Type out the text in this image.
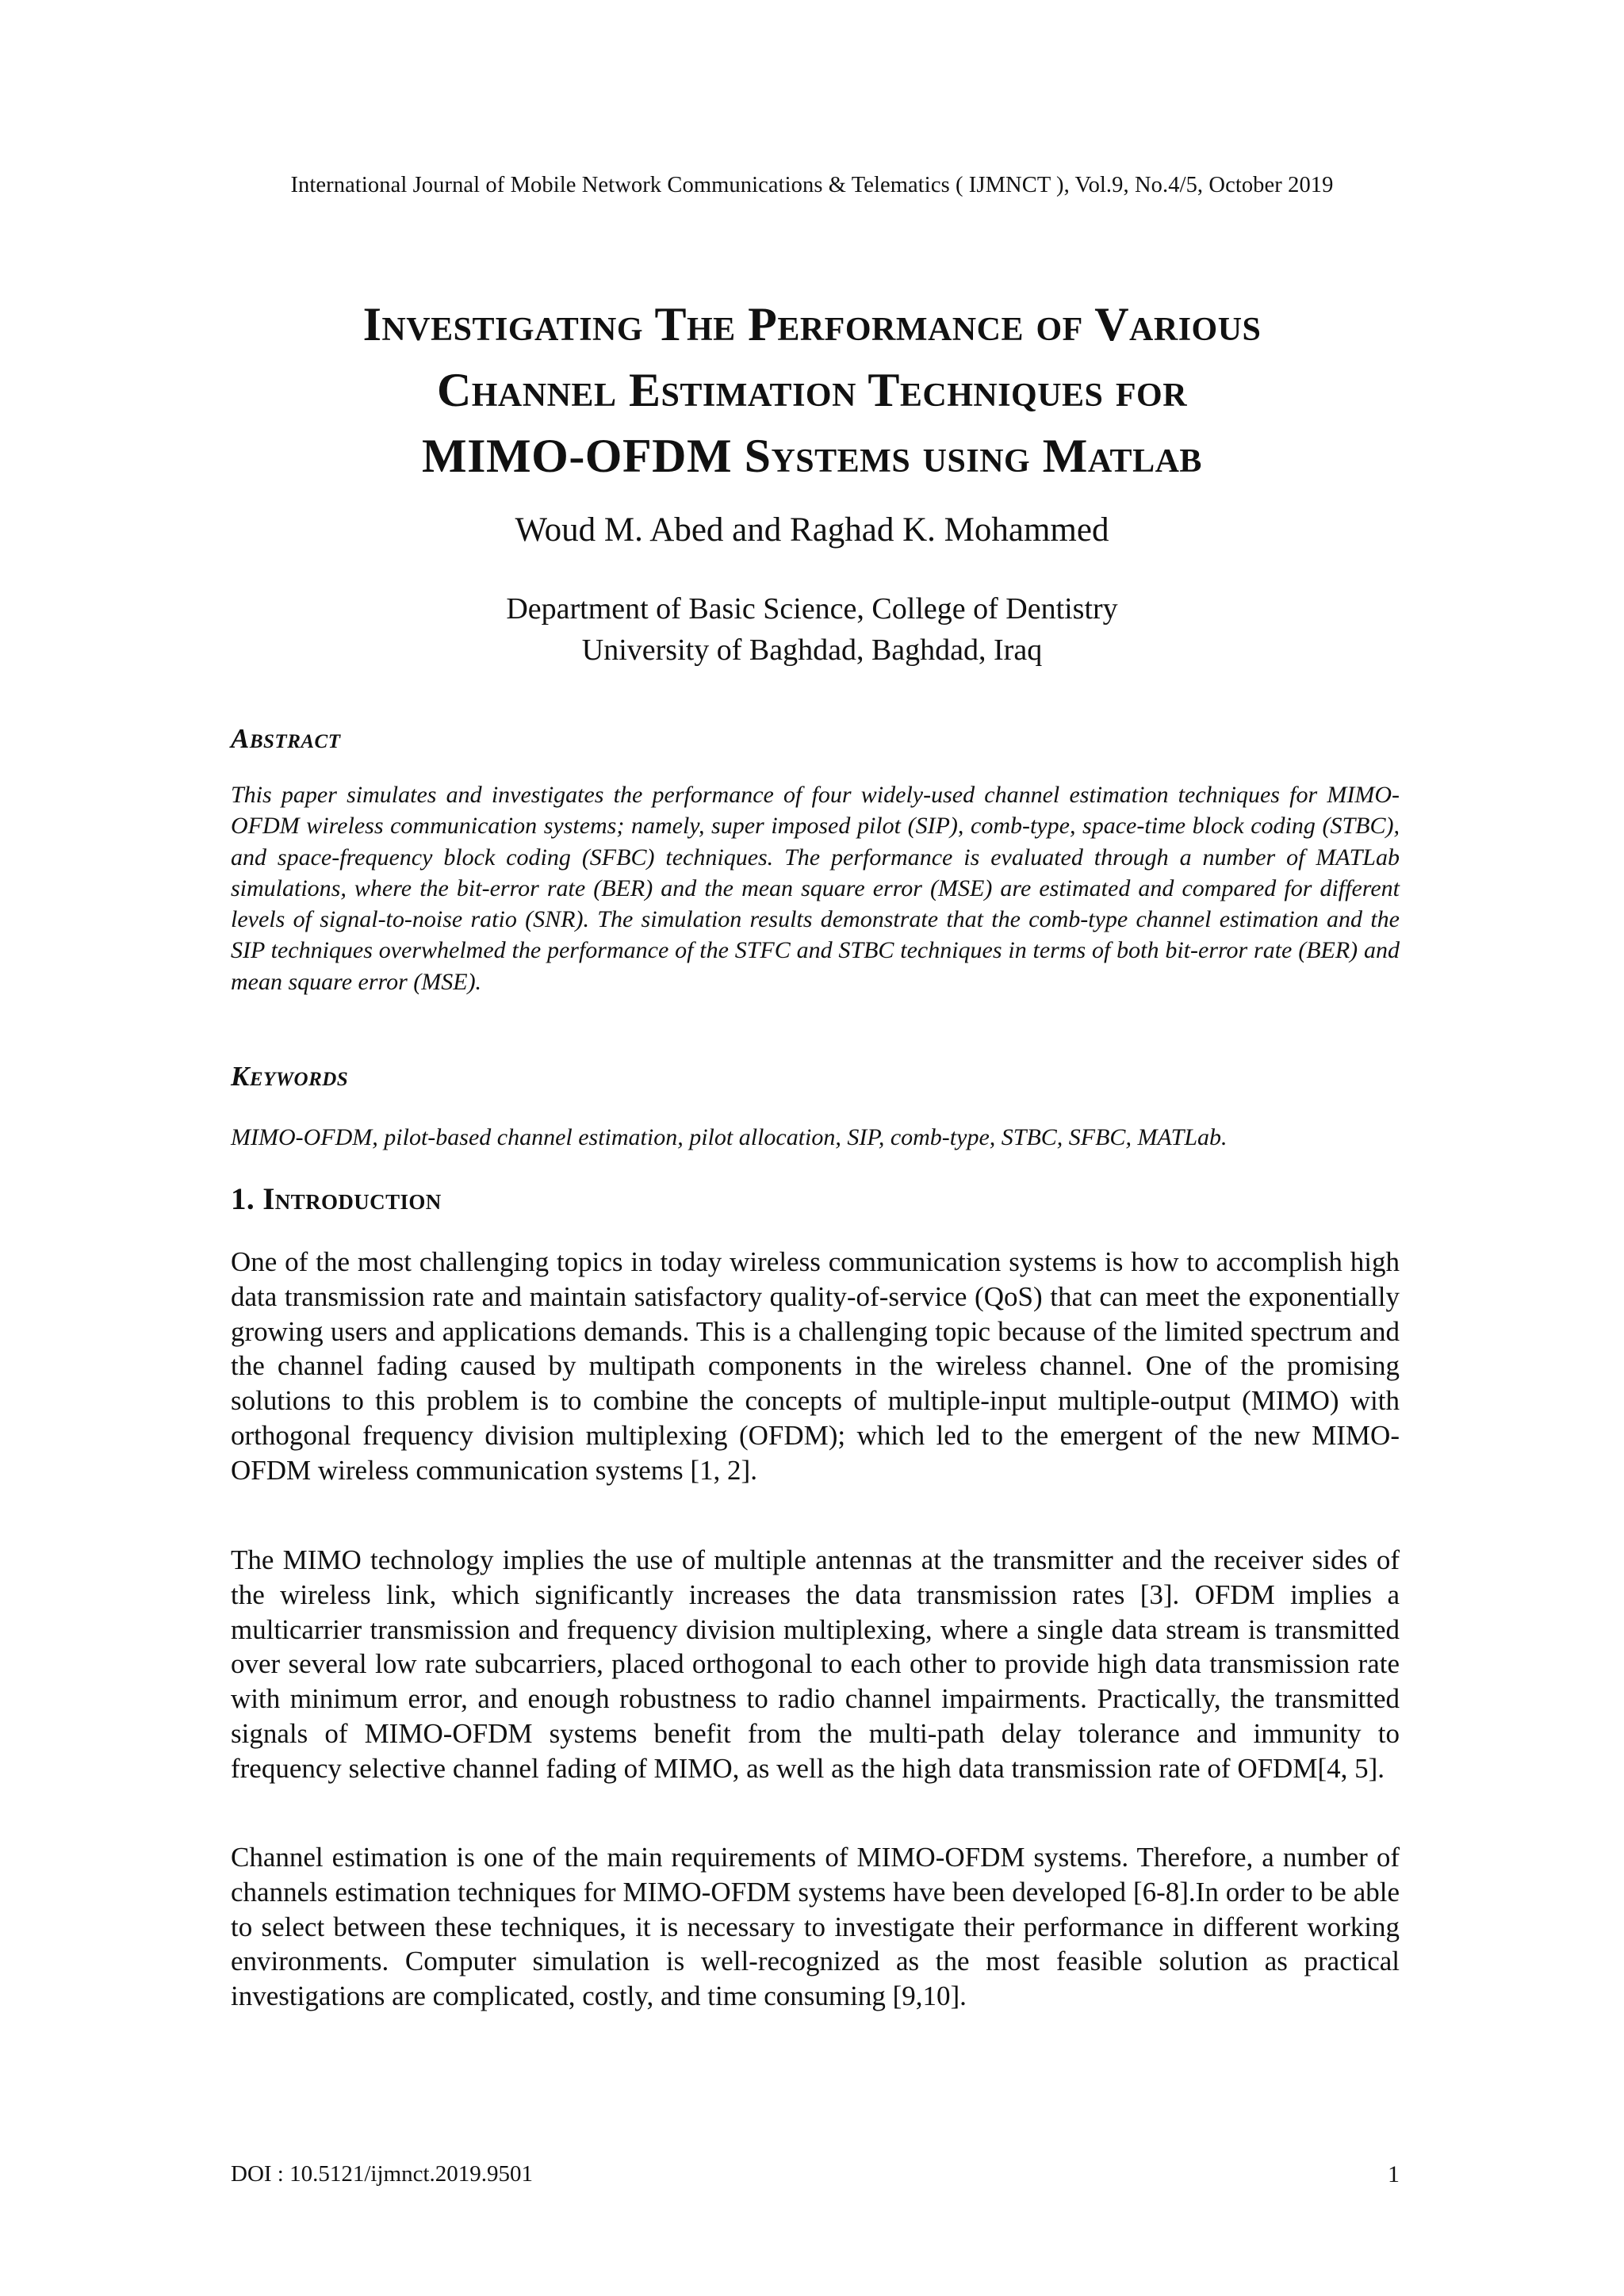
International Journal of Mobile Network Communications & Telematics ( IJMNCT ), Vol.9, No.4/5, October 2019
Investigating The Performance of Various
Channel Estimation Techniques for
MIMO-OFDM Systems using Matlab
Woud M. Abed and Raghad K. Mohammed
Department of Basic Science, College of Dentistry
University of Baghdad, Baghdad, Iraq
Abstract

This paper simulates and investigates the performance of four widely-used channel estimation techniques for MIMO-OFDM wireless communication systems; namely, super imposed pilot (SIP), comb-type, space-time block coding (STBC), and space-frequency block coding (SFBC) techniques. The performance is evaluated through a number of MATLab simulations, where the bit-error rate (BER) and the mean square error (MSE) are estimated and compared for different levels of signal-to-noise ratio (SNR). The simulation results demonstrate that the comb-type channel estimation and the SIP techniques overwhelmed the performance of the STFC and STBC techniques in terms of both bit-error rate (BER) and mean square error (MSE).

Keywords

MIMO-OFDM, pilot-based channel estimation, pilot allocation, SIP, comb-type, STBC, SFBC, MATLab.

1. Introduction

One of the most challenging topics in today wireless communication systems is how to accomplish high data transmission rate and maintain satisfactory quality-of-service (QoS) that can meet the exponentially growing users and applications demands. This is a challenging topic because of the limited spectrum and the channel fading caused by multipath components in the wireless channel. One of the promising solutions to this problem is to combine the concepts of multiple-input multiple-output (MIMO) with orthogonal frequency division multiplexing (OFDM); which led to the emergent of the new MIMO-OFDM wireless communication systems [1, 2].

The MIMO technology implies the use of multiple antennas at the transmitter and the receiver sides of the wireless link, which significantly increases the data transmission rates [3]. OFDM implies a multicarrier transmission and frequency division multiplexing, where a single data stream is transmitted over several low rate subcarriers, placed orthogonal to each other to provide high data transmission rate with minimum error, and enough robustness to radio channel impairments. Practically, the transmitted signals of MIMO-OFDM systems benefit from the multi-path delay tolerance and immunity to frequency selective channel fading of MIMO, as well as the high data transmission rate of OFDM[4, 5].

Channel estimation is one of the main requirements of MIMO-OFDM systems. Therefore, a number of channels estimation techniques for MIMO-OFDM systems have been developed [6-8].In order to be able to select between these techniques, it is necessary to investigate their performance in different working environments. Computer simulation is well-recognized as the most feasible solution as practical investigations are complicated, costly, and time consuming [9,10].

DOI : 10.5121/ijmnct.2019.9501	1
